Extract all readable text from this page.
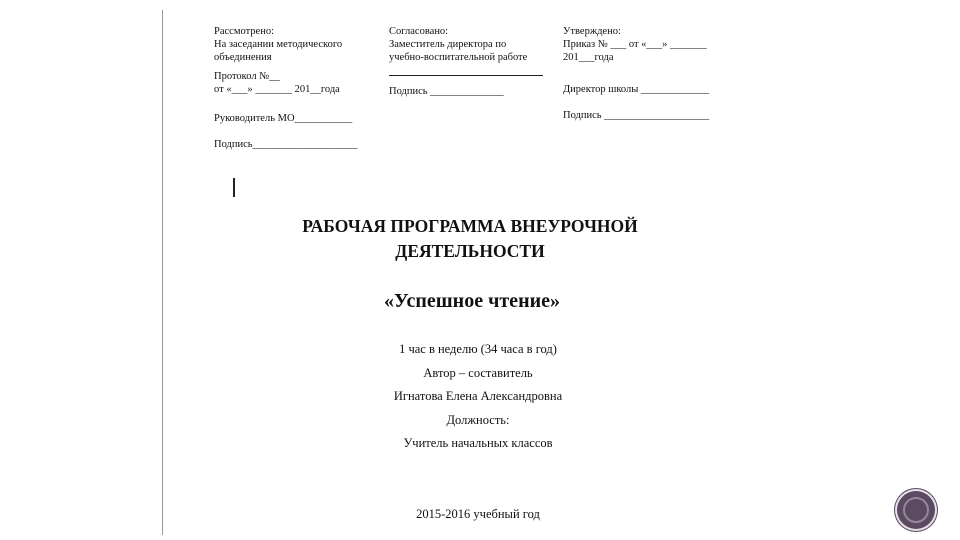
Рассмотрено:

На заседании методического

объединения

Протокол №__

от «___» _______ 201__года

Руководитель МО___________

Подпись____________________

Согласовано:

Заместитель директора по

учебно-воспитательной работе

Подпись ______________

Утверждено:

Приказ № ___ от «___» _______

201___года

Директор школы _____________

Подпись ____________________

РАБОЧАЯ ПРОГРАММА ВНЕУРОЧНОЙ
ДЕЯТЕЛЬНОСТИ
«Успешное чтение»

1 час в неделю (34 часа в год)

Автор – составитель

Игнатова Елена Александровна

Должность:

Учитель начальных классов

2015-2016 учебный год
